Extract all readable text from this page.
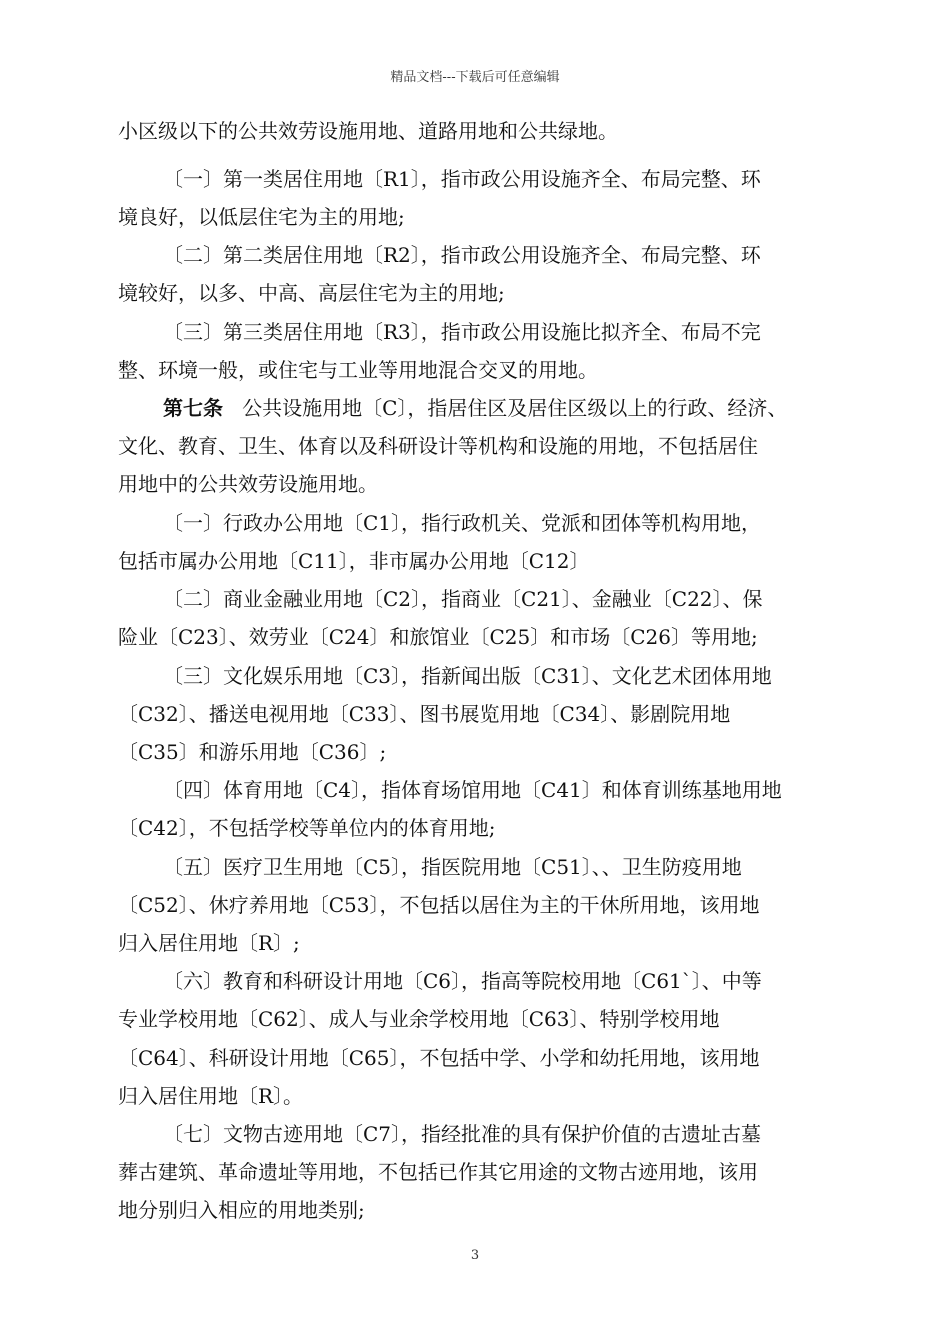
精品文档---下载后可任意编辑
小区级以下的公共效劳设施用地、道路用地和公共绿地。
〔一〕第一类居住用地〔R1〕，指市政公用设施齐全、布局完整、环
境良好，以低层住宅为主的用地;
〔二〕第二类居住用地〔R2〕，指市政公用设施齐全、布局完整、环
境较好，以多、中高、高层住宅为主的用地;
〔三〕第三类居住用地〔R3〕，指市政公用设施比拟齐全、布局不完
整、环境一般，或住宅与工业等用地混合交叉的用地。
第七条 公共设施用地〔C〕，指居住区及居住区级以上的行政、经济、
文化、教育、卫生、体育以及科研设计等机构和设施的用地，不包括居住
用地中的公共效劳设施用地。
〔一〕行政办公用地〔C1〕，指行政机关、党派和团体等机构用地，
包括市属办公用地〔C11〕，非市属办公用地〔C12〕
〔二〕商业金融业用地〔C2〕，指商业〔C21〕、金融业〔C22〕、保
险业〔C23〕、效劳业〔C24〕和旅馆业〔C25〕和市场〔C26〕等用地;
〔三〕文化娱乐用地〔C3〕，指新闻出版〔C31〕、文化艺术团体用地
〔C32〕、播送电视用地〔C33〕、图书展览用地〔C34〕、影剧院用地
〔C35〕和游乐用地〔C36〕;
〔四〕体育用地〔C4〕，指体育场馆用地〔C41〕和体育训练基地用地
〔C42〕，不包括学校等单位内的体育用地;
〔五〕医疗卫生用地〔C5〕，指医院用地〔C51〕、、卫生防疫用地
〔C52〕、休疗养用地〔C53〕，不包括以居住为主的干休所用地，该用地
归入居住用地〔R〕;
〔六〕教育和科研设计用地〔C6〕，指高等院校用地〔C61`〕、中等
专业学校用地〔C62〕、成人与业余学校用地〔C63〕、特别学校用地
〔C64〕、科研设计用地〔C65〕，不包括中学、小学和幼托用地，该用地
归入居住用地〔R〕。
〔七〕文物古迹用地〔C7〕，指经批准的具有保护价值的古遗址古墓
葬古建筑、革命遗址等用地，不包括已作其它用途的文物古迹用地，该用
地分别归入相应的用地类别;
3
